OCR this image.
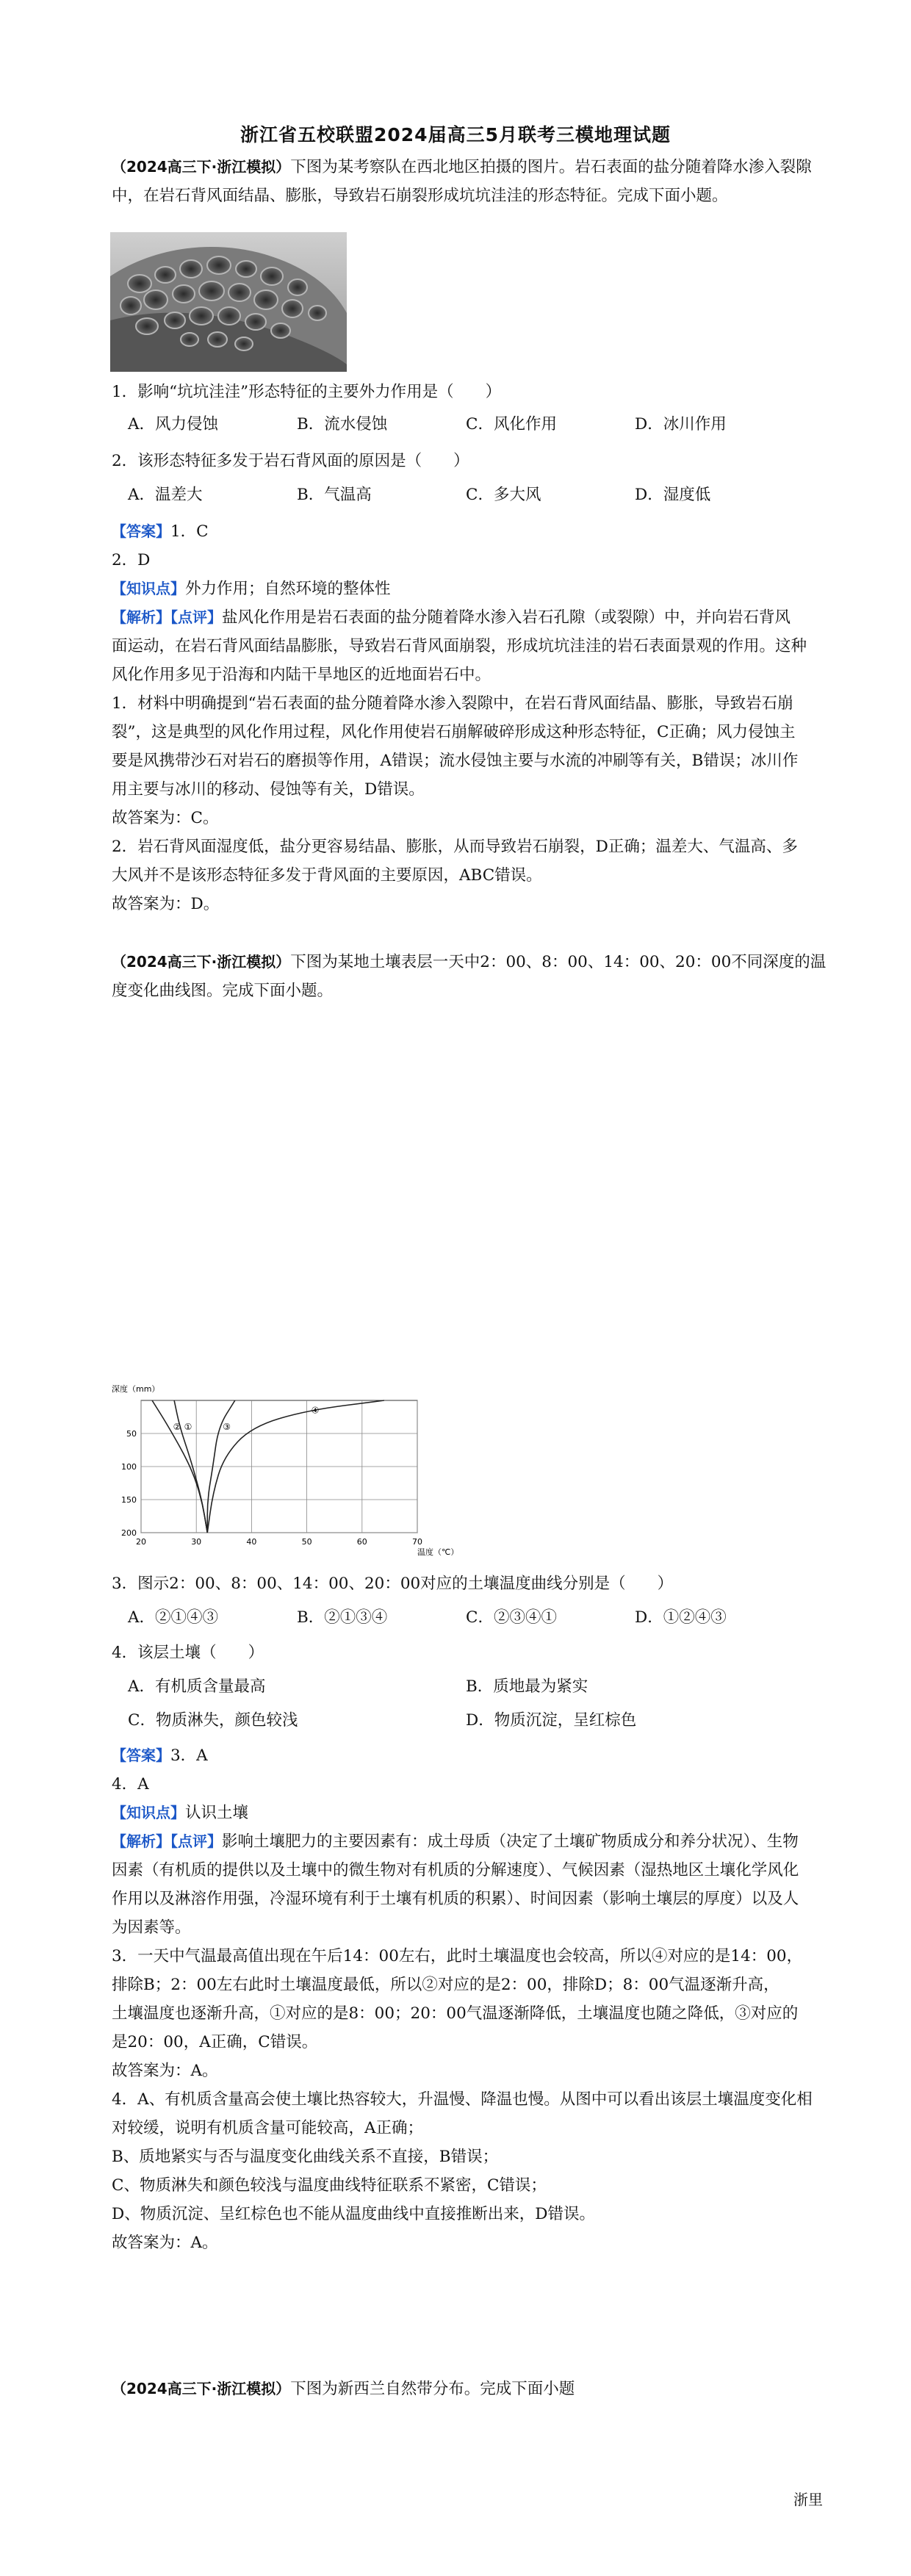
浙江省五校联盟2024届高三5月联考三模地理试题
（2024高三下·浙江模拟）下图为某考察队在西北地区拍摄的图片。岩石表面的盐分随着降水渗入裂隙
中，在岩石背风面结晶、膨胀，导致岩石崩裂形成坑坑洼洼的形态特征。完成下面小题。
1．影响“坑坑洼洼”形态特征的主要外力作用是（　　）
A．风力侵蚀	B．流水侵蚀	C．风化作用	D．冰川作用
2．该形态特征多发于岩石背风面的原因是（　　）
A．温差大	B．气温高	C．多大风	D．湿度低
【答案】1．C
2．D
【知识点】外力作用；自然环境的整体性
【解析】【点评】盐风化作用是岩石表面的盐分随着降水渗入岩石孔隙（或裂隙）中，并向岩石背风
面运动，在岩石背风面结晶膨胀，导致岩石背风面崩裂，形成坑坑洼洼的岩石表面景观的作用。这种
风化作用多见于沿海和内陆干旱地区的近地面岩石中。
1．材料中明确提到“岩石表面的盐分随着降水渗入裂隙中，在岩石背风面结晶、膨胀，导致岩石崩
裂”，这是典型的风化作用过程，风化作用使岩石崩解破碎形成这种形态特征，C正确；风力侵蚀主
要是风携带沙石对岩石的磨损等作用，A错误；流水侵蚀主要与水流的冲刷等有关，B错误；冰川作
用主要与冰川的移动、侵蚀等有关，D错误。
故答案为：C。
2．岩石背风面湿度低，盐分更容易结晶、膨胀，从而导致岩石崩裂，D正确；温差大、气温高、多
大风并不是该形态特征多发于背风面的主要原因，ABC错误。
故答案为：D。
（2024高三下·浙江模拟）下图为某地土壤表层一天中2：00、8：00、14：00、20：00不同深度的温
度变化曲线图。完成下面小题。
深度（mm）
温度（℃）
20	30	40	50	60	70
50
100
150
200
①
②	③
④
3．图示2：00、8：00、14：00、20：00对应的土壤温度曲线分别是（　　）
A．②①④③	B．②①③④	C．②③④①	D．①②④③
4．该层土壤（　　）
A．有机质含量最高	B．质地最为紧实
C．物质淋失，颜色较浅	D．物质沉淀，呈红棕色
【答案】3．A
4．A
【知识点】认识土壤
【解析】【点评】影响土壤肥力的主要因素有：成土母质（决定了土壤矿物质成分和养分状况）、生物
因素（有机质的提供以及土壤中的微生物对有机质的分解速度）、气候因素（湿热地区土壤化学风化
作用以及淋溶作用强，冷湿环境有利于土壤有机质的积累）、时间因素（影响土壤层的厚度）以及人
为因素等。
3．一天中气温最高值出现在午后14：00左右，此时土壤温度也会较高，所以④对应的是14：00，
排除B；2：00左右此时土壤温度最低，所以②对应的是2：00，排除D；8：00气温逐渐升高，
土壤温度也逐渐升高，①对应的是8：00；20：00气温逐渐降低，土壤温度也随之降低，③对应的
是20：00，A正确，C错误。
故答案为：A。
4．A、有机质含量高会使土壤比热容较大，升温慢、降温也慢。从图中可以看出该层土壤温度变化相
对较缓，说明有机质含量可能较高，A正确；
B、质地紧实与否与温度变化曲线关系不直接，B错误；
C、物质淋失和颜色较浅与温度曲线特征联系不紧密，C错误；
D、物质沉淀、呈红棕色也不能从温度曲线中直接推断出来，D错误。
故答案为：A。
（2024高三下·浙江模拟）下图为新西兰自然带分布。完成下面小题
浙里
